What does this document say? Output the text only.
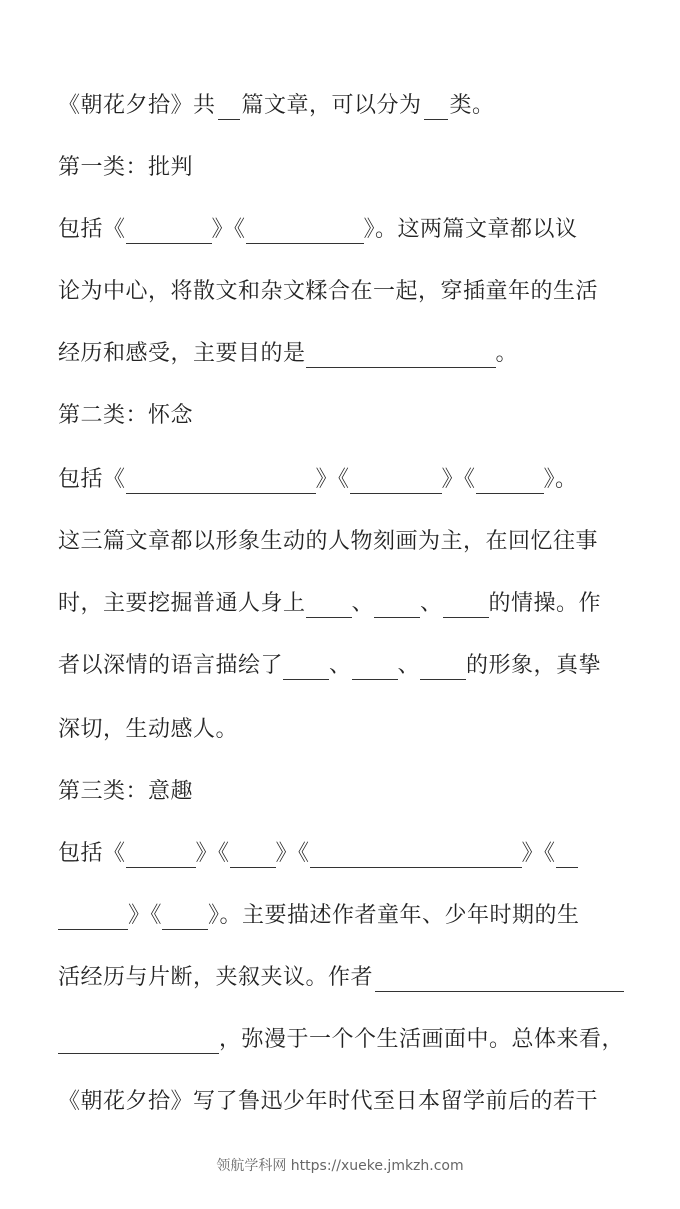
《朝花夕拾》共 篇文章，可以分为 类。
第一类：批判
包括《	》《	》。这两篇文章都以议
论为中心，将散文和杂文糅合在一起，穿插童年的生活
经历和感受，主要目的是	。
第二类：怀念
包括《	》《	》《	》。
这三篇文章都以形象生动的人物刻画为主，在回忆往事
时，主要挖掘普通人身上 、 、 的情操。作
者以深情的语言描绘了 、 、 的形象，真挚
深切，生动感人。
第三类：意趣
包括《	》《 》《	》《
》《 》。主要描述作者童年、少年时期的生
活经历与片断，夹叙夹议。作者
，弥漫于一个个生活画面中。总体来看，
《朝花夕拾》写了鲁迅少年时代至日本留学前后的若干
领航学科网 https://xueke.jmkzh.com
